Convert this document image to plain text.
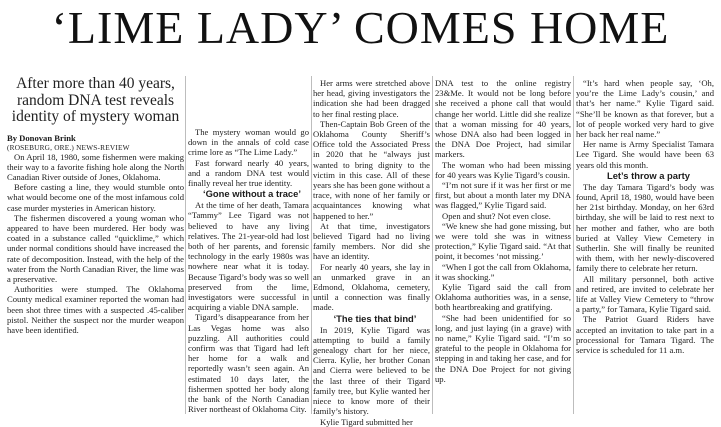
‘LIME LADY’ COMES HOME
After more than 40 years, random DNA test reveals identity of mystery woman

By Donovan Brink

(ROSEBURG, ORE.) NEWS-REVIEW

On April 18, 1980, some fishermen were making their way to a favorite fishing hole along the North Canadian River outside of Jones, Oklahoma.

Before casting a line, they would stumble onto what would become one of the most infamous cold case murder mysteries in American history.

The fishermen discovered a young woman who appeared to have been murdered. Her body was coated in a substance called “quicklime,” which under normal conditions should have increased the rate of decomposition. Instead, with the help of the water from the North Canadian River, the lime was a preservative.

Authorities were stumped. The Oklahoma County medical examiner reported the woman had been shot three times with a suspected .45-caliber pistol. Neither the suspect nor the murder weapon have been identified.

The mystery woman would go down in the annals of cold case crime lore as “The Lime Lady.”

Fast forward nearly 40 years, and a random DNA test would finally reveal her true identity.

‘Gone without a trace’

At the time of her death, Tamara “Tammy” Lee Tigard was not believed to have any living relatives. The 21-year-old had lost both of her parents, and forensic technology in the early 1980s was nowhere near what it is today. Because Tigard’s body was so well preserved from the lime, investigators were successful in acquiring a viable DNA sample.

Tigard’s disappearance from her Las Vegas home was also puzzling. All authorities could confirm was that Tigard had left her home for a walk and reportedly wasn’t seen again. An estimated 10 days later, the fishermen spotted her body along the bank of the North Canadian River northeast of Oklahoma City.

Her arms were stretched above her head, giving investigators the indication she had been dragged to her final resting place.

Then-Captain Bob Green of the Oklahoma County Sheriff’s Office told the Associated Press in 2020 that he “always just wanted to bring dignity to the victim in this case. All of these years she has been gone without a trace, with none of her family or acquaintances knowing what happened to her.”

At that time, investigators believed Tigard had no living family members. Nor did she have an identity.

For nearly 40 years, she lay in an unmarked grave in an Edmond, Oklahoma, cemetery, until a connection was finally made.

‘The ties that bind’

In 2019, Kylie Tigard was attempting to build a family genealogy chart for her niece, Cierra. Kylie, her brother Conan and Cierra were believed to be the last three of their Tigard family tree, but Kylie wanted her niece to know more of their family’s history.

Kylie Tigard submitted her

DNA test to the online registry 23&Me. It would not be long before she received a phone call that would change her world. Little did she realize that a woman missing for 40 years, whose DNA also had been logged in the DNA Doe Project, had similar markers.

The woman who had been missing for 40 years was Kylie Tigard’s cousin.

“I’m not sure if it was her first or me first, but about a month later my DNA was flagged,” Kylie Tigard said.

Open and shut? Not even close.

“We knew she had gone missing, but we were told she was in witness protection,” Kylie Tigard said. “At that point, it becomes ‘not missing.’

“When I got the call from Oklahoma, it was shocking.”

Kylie Tigard said the call from Oklahoma authorities was, in a sense, both heartbreaking and gratifying.

“She had been unidentified for so long, and just laying (in a grave) with no name,” Kylie Tigard said. “I’m so grateful to the people in Oklahoma for stepping in and taking her case, and for the DNA Doe Project for not giving up.

“It’s hard when people say, ‘Oh, you’re the Lime Lady’s cousin,’ and that’s her name.” Kylie Tigard said. “She’ll be known as that forever, but a lot of people worked very hard to give her back her real name.”

Her name is Army Specialist Tamara Lee Tigard. She would have been 63 years old this month.

Let’s throw a party

The day Tamara Tigard’s body was found, April 18, 1980, would have been her 21st birthday. Monday, on her 63rd birthday, she will be laid to rest next to her mother and father, who are both buried at Valley View Cemetery in Sutherlin. She will finally be reunited with them, with her newly-discovered family there to celebrate her return.

All military personnel, both active and retired, are invited to celebrate her life at Valley View Cemetery to “throw a party,” for Tamara, Kylie Tigard said.

The Patriot Guard Riders have accepted an invitation to take part in a processional for Tamara Tigard. The service is scheduled for 11 a.m.
